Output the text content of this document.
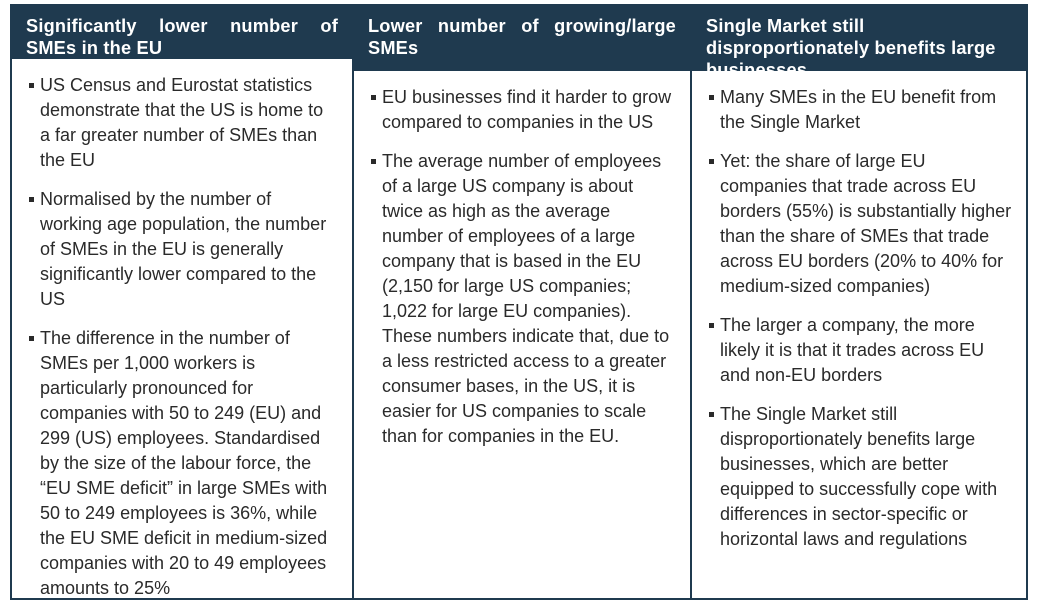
Significantly lower number of SMEs in the EU
US Census and Eurostat statistics demonstrate that the US is home to a far greater number of SMEs than the EU
Normalised by the number of working age population, the number of SMEs in the EU is generally significantly lower compared to the US
The difference in the number of SMEs per 1,000 workers is particularly pronounced for companies with 50 to 249 (EU) and 299 (US) employees. Standardised by the size of the labour force, the “EU SME deficit” in large SMEs with 50 to 249 employees is 36%, while the EU SME deficit in medium-sized companies with 20 to 49 employees amounts to 25%
Lower number of growing/large SMEs
EU businesses find it harder to grow compared to companies in the US
The average number of employees of a large US company is about twice as high as the average number of employees of a large company that is based in the EU (2,150 for large US companies; 1,022 for large EU companies). These numbers indicate that, due to a less restricted access to a greater consumer bases, in the US, it is easier for US companies to scale than for companies in the EU.
Single Market still disproportionately benefits large businesses
Many SMEs in the EU benefit from the Single Market
Yet: the share of large EU companies that trade across EU borders (55%) is substantially higher than the share of SMEs that trade across EU borders (20% to 40% for medium-sized companies)
The larger a company, the more likely it is that it trades across EU and non-EU borders
The Single Market still disproportionately benefits large businesses, which are better equipped to successfully cope with differences in sector-specific or horizontal laws and regulations
